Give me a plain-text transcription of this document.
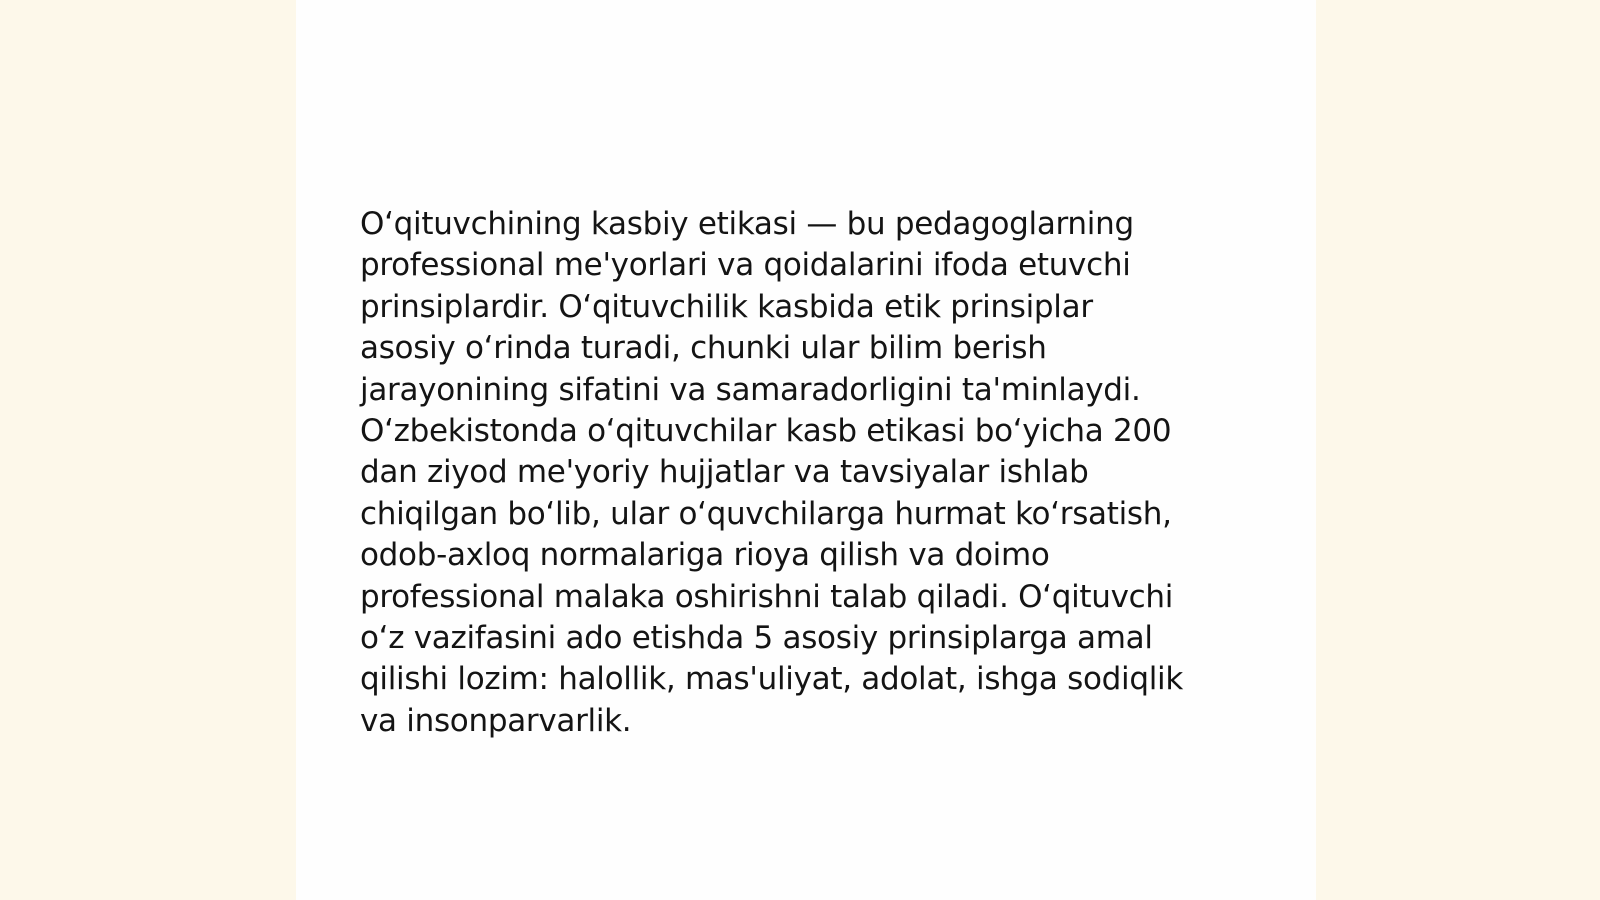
O‘qituvchining kasbiy etikasi — bu pedagoglarning
professional me'yorlari va qoidalarini ifoda etuvchi
prinsiplardir. O‘qituvchilik kasbida etik prinsiplar
asosiy o‘rinda turadi, chunki ular bilim berish
jarayonining sifatini va samaradorligini ta'minlaydi.
O‘zbekistonda o‘qituvchilar kasb etikasi bo‘yicha 200
dan ziyod me'yoriy hujjatlar va tavsiyalar ishlab
chiqilgan bo‘lib, ular o‘quvchilarga hurmat ko‘rsatish,
odob-axloq normalariga rioya qilish va doimo
professional malaka oshirishni talab qiladi. O‘qituvchi
o‘z vazifasini ado etishda 5 asosiy prinsiplarga amal
qilishi lozim: halollik, mas'uliyat, adolat, ishga sodiqlik
va insonparvarlik.
